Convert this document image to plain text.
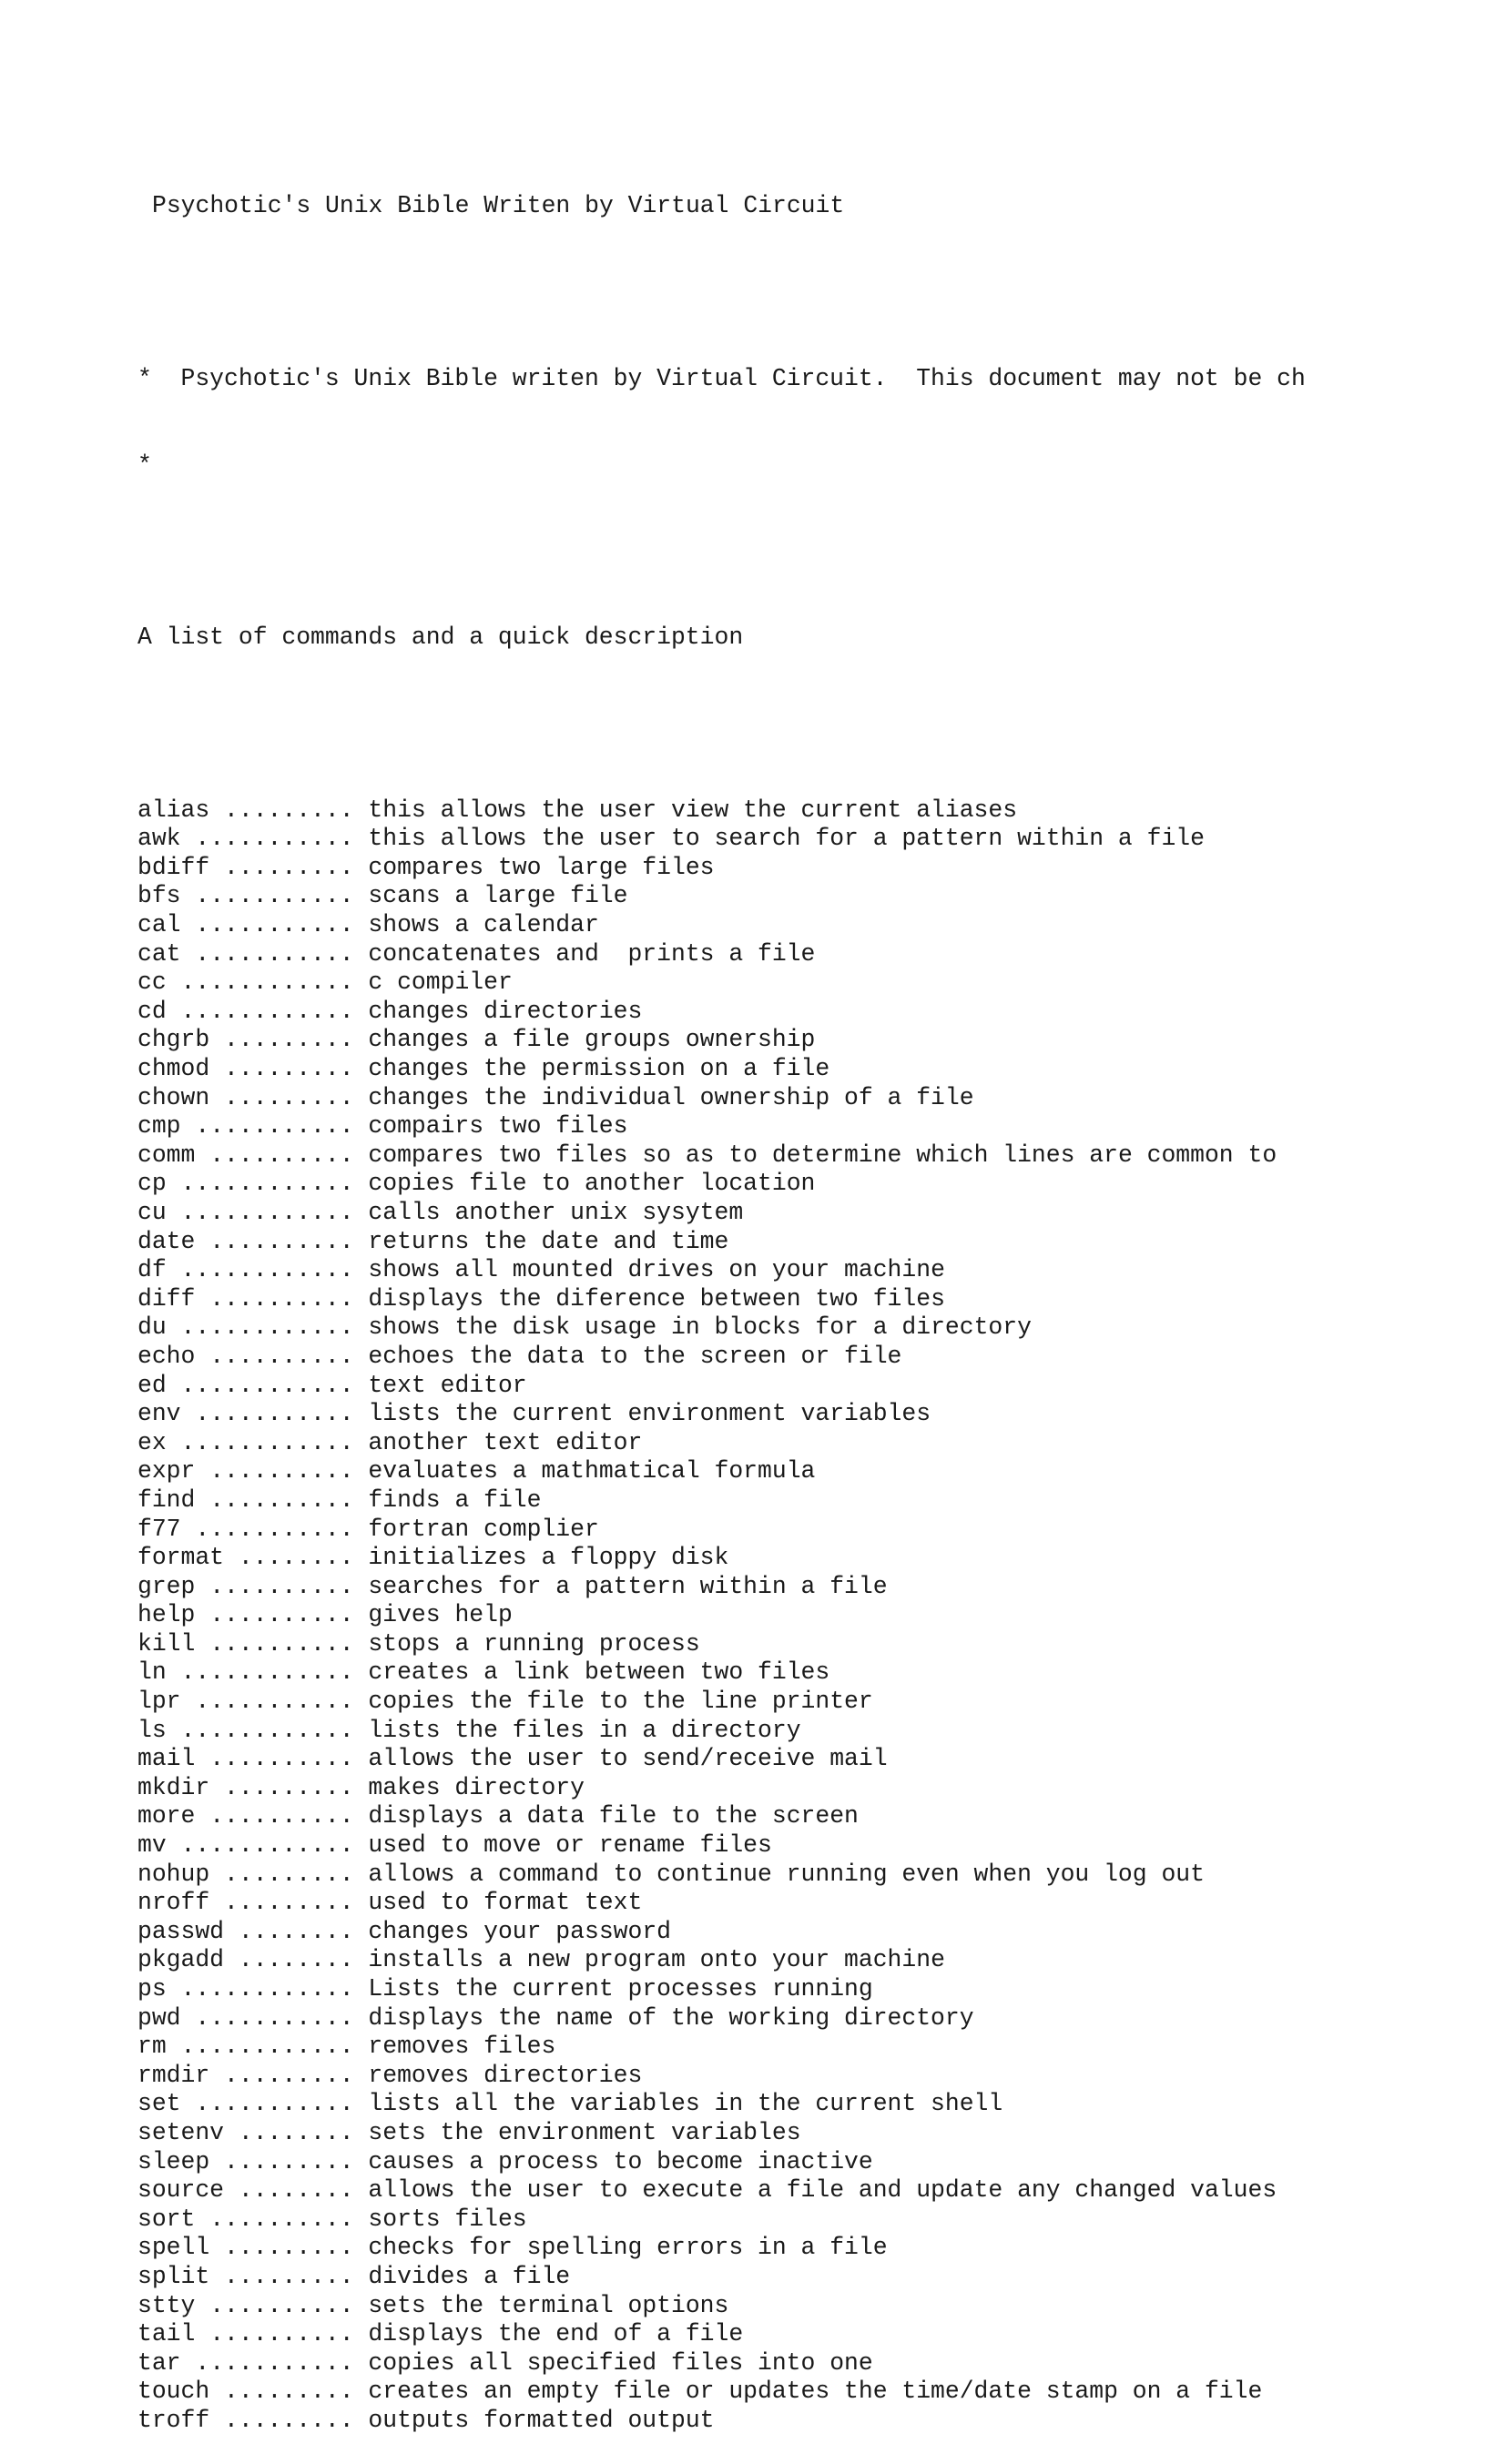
Psychotic's Unix Bible Writen by Virtual Circuit

*  Psychotic's Unix Bible writen by Virtual Circuit.  This document may not be ch

*

A list of commands and a quick description

alias ......... this allows the user view the current aliases
awk ........... this allows the user to search for a pattern within a file
bdiff ......... compares two large files
bfs ........... scans a large file
cal ........... shows a calendar
cat ........... concatenates and  prints a file
cc ............ c compiler
cd ............ changes directories
chgrb ......... changes a file groups ownership
chmod ......... changes the permission on a file
chown ......... changes the individual ownership of a file
cmp ........... compairs two files
comm .......... compares two files so as to determine which lines are common to
cp ............ copies file to another location
cu ............ calls another unix sysytem
date .......... returns the date and time
df ............ shows all mounted drives on your machine
diff .......... displays the diference between two files
du ............ shows the disk usage in blocks for a directory
echo .......... echoes the data to the screen or file
ed ............ text editor
env ........... lists the current environment variables
ex ............ another text editor
expr .......... evaluates a mathmatical formula
find .......... finds a file
f77 ........... fortran complier
format ........ initializes a floppy disk
grep .......... searches for a pattern within a file
help .......... gives help
kill .......... stops a running process
ln ............ creates a link between two files
lpr ........... copies the file to the line printer
ls ............ lists the files in a directory
mail .......... allows the user to send/receive mail
mkdir ......... makes directory
more .......... displays a data file to the screen
mv ............ used to move or rename files
nohup ......... allows a command to continue running even when you log out
nroff ......... used to format text
passwd ........ changes your password
pkgadd ........ installs a new program onto your machine
ps ............ Lists the current processes running
pwd ........... displays the name of the working directory
rm ............ removes files
rmdir ......... removes directories
set ........... lists all the variables in the current shell
setenv ........ sets the environment variables
sleep ......... causes a process to become inactive
source ........ allows the user to execute a file and update any changed values
sort .......... sorts files
spell ......... checks for spelling errors in a file
split ......... divides a file
stty .......... sets the terminal options
tail .......... displays the end of a file
tar ........... copies all specified files into one
touch ......... creates an empty file or updates the time/date stamp on a file
troff ......... outputs formatted output
